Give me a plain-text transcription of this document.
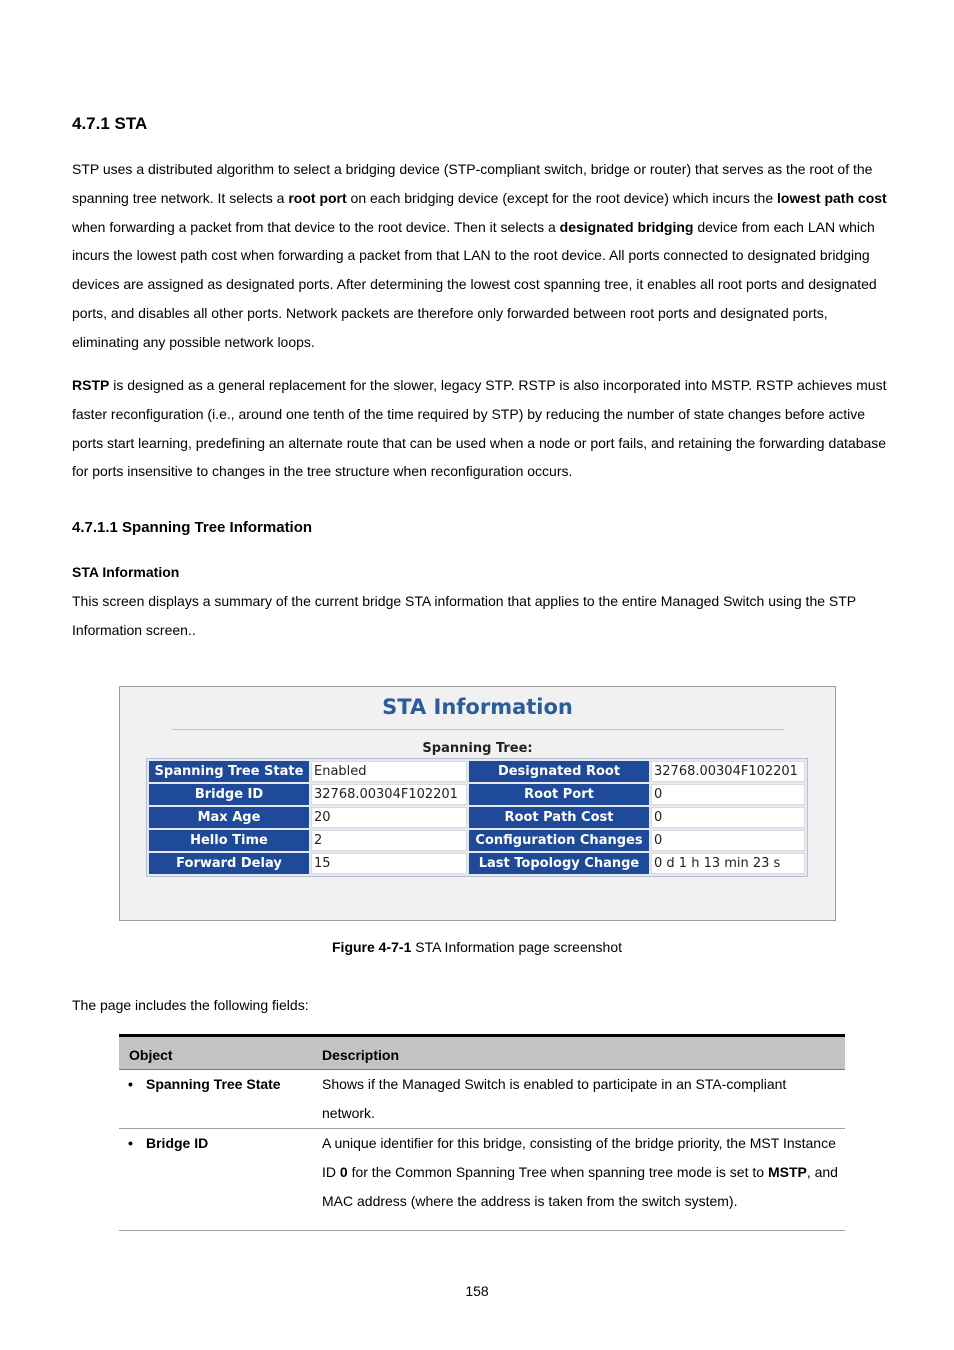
4.7.1 STA

STP uses a distributed algorithm to select a bridging device (STP-compliant switch, bridge or router) that serves as the root of the spanning tree network. It selects a root port on each bridging device (except for the root device) which incurs the lowest path cost when forwarding a packet from that device to the root device. Then it selects a designated bridging device from each LAN which incurs the lowest path cost when forwarding a packet from that LAN to the root device. All ports connected to designated bridging devices are assigned as designated ports. After determining the lowest cost spanning tree, it enables all root ports and designated ports, and disables all other ports. Network packets are therefore only forwarded between root ports and designated ports, eliminating any possible network loops.

RSTP is designed as a general replacement for the slower, legacy STP. RSTP is also incorporated into MSTP. RSTP achieves must faster reconfiguration (i.e., around one tenth of the time required by STP) by reducing the number of state changes before active ports start learning, predefining an alternate route that can be used when a node or port fails, and retaining the forwarding database for ports insensitive to changes in the tree structure when reconfiguration occurs.

4.7.1.1 Spanning Tree Information
STA Information

This screen displays a summary of the current bridge STA information that applies to the entire Managed Switch using the STP Information screen..

STA Information
Spanning Tree:
Spanning Tree State	Enabled	Designated Root	32768.00304F102201
Bridge ID	32768.00304F102201	Root Port	0
Max Age	20	Root Path Cost	0
Hello Time	2	Configuration Changes	0
Forward Delay	15	Last Topology Change	0 d 1 h 13 min 23 s
Figure 4-7-1 STA Information page screenshot

The page includes the following fields:

Object	Description
• Spanning Tree State	Shows if the Managed Switch is enabled to participate in an STA-compliant network.
• Bridge ID	A unique identifier for this bridge, consisting of the bridge priority, the MST Instance ID 0 for the Common Spanning Tree when spanning tree mode is set to MSTP, and MAC address (where the address is taken from the switch system).
158
